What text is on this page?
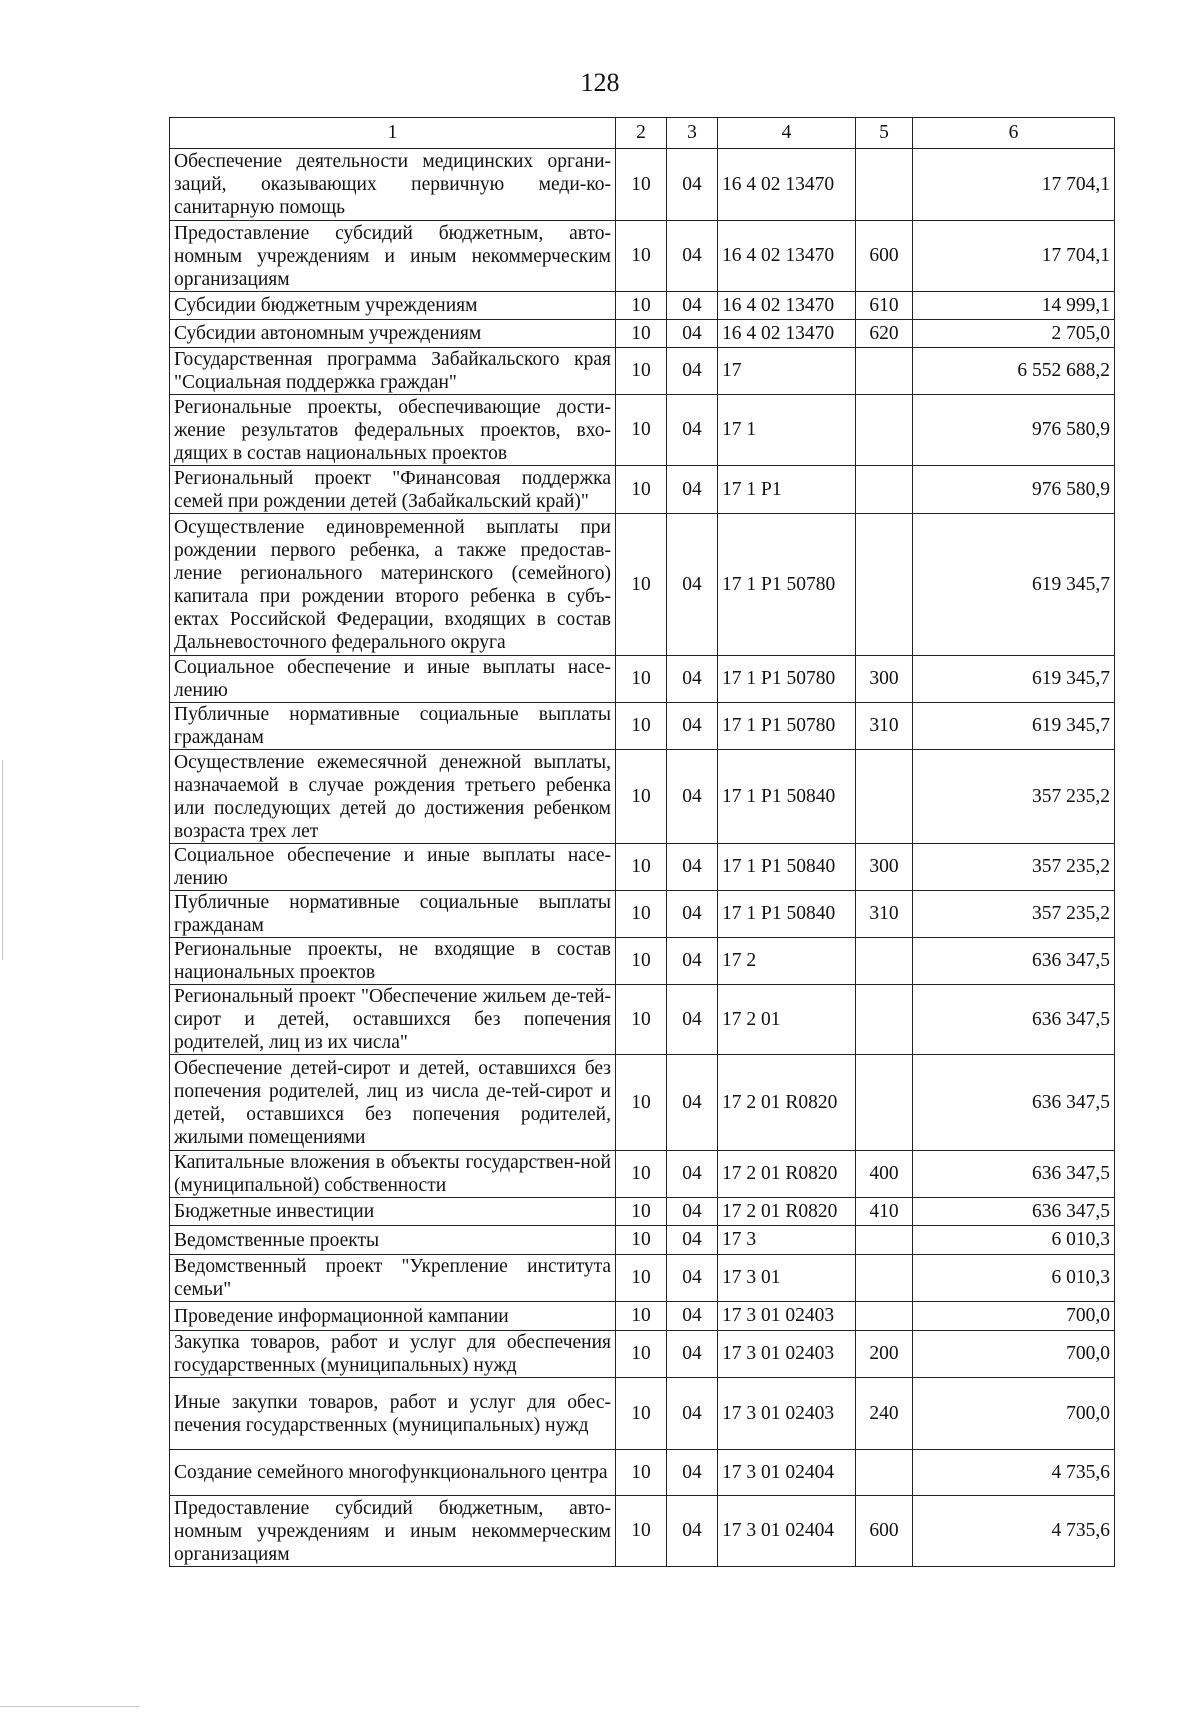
128
1	2	3	4	5	6
Обеспечение деятельности медицинских органи-заций, оказывающих первичную меди-ко-санитарную помощь	10	04	16 4 02 13470		17 704,1
Предоставление субсидий бюджетным, авто-номным учреждениям и иным некоммерческим организациям	10	04	16 4 02 13470	600	17 704,1
Субсидии бюджетным учреждениям	10	04	16 4 02 13470	610	14 999,1
Субсидии автономным учреждениям	10	04	16 4 02 13470	620	2 705,0
Государственная программа Забайкальского края "Социальная поддержка граждан"	10	04	17		6 552 688,2
Региональные проекты, обеспечивающие дости-жение результатов федеральных проектов, вхо-дящих в состав национальных проектов	10	04	17 1		976 580,9
Региональный проект "Финансовая поддержка семей при рождении детей (Забайкальский край)"	10	04	17 1 Р1		976 580,9
Осуществление единовременной выплаты при рождении первого ребенка, а также предостав-ление регионального материнского (семейного) капитала при рождении второго ребенка в субъ-ектах Российской Федерации, входящих в состав Дальневосточного федерального округа	10	04	17 1 Р1 50780		619 345,7
Социальное обеспечение и иные выплаты насе-лению	10	04	17 1 Р1 50780	300	619 345,7
Публичные нормативные социальные выплаты гражданам	10	04	17 1 Р1 50780	310	619 345,7
Осуществление ежемесячной денежной выплаты, назначаемой в случае рождения третьего ребенка или последующих детей до достижения ребенком возраста трех лет	10	04	17 1 Р1 50840		357 235,2
Социальное обеспечение и иные выплаты насе-лению	10	04	17 1 Р1 50840	300	357 235,2
Публичные нормативные социальные выплаты гражданам	10	04	17 1 Р1 50840	310	357 235,2
Региональные проекты, не входящие в состав национальных проектов	10	04	17 2		636 347,5
Региональный проект "Обеспечение жильем де-тей-сирот и детей, оставшихся без попечения родителей, лиц из их числа"	10	04	17 2 01		636 347,5
Обеспечение детей-сирот и детей, оставшихся без попечения родителей, лиц из числа де-тей-сирот и детей, оставшихся без попечения родителей, жилыми помещениями	10	04	17 2 01 R0820		636 347,5
Капитальные вложения в объекты государствен-ной (муниципальной) собственности	10	04	17 2 01 R0820	400	636 347,5
Бюджетные инвестиции	10	04	17 2 01 R0820	410	636 347,5
Ведомственные проекты	10	04	17 3		6 010,3
Ведомственный проект "Укрепление института семьи"	10	04	17 3 01		6 010,3
Проведение информационной кампании	10	04	17 3 01 02403		700,0
Закупка товаров, работ и услуг для обеспечения государственных (муниципальных) нужд	10	04	17 3 01 02403	200	700,0
Иные закупки товаров, работ и услуг для обес-печения государственных (муниципальных) нужд	10	04	17 3 01 02403	240	700,0
Создание семейного многофункционального центра	10	04	17 3 01 02404		4 735,6
Предоставление субсидий бюджетным, авто-номным учреждениям и иным некоммерческим организациям	10	04	17 3 01 02404	600	4 735,6
